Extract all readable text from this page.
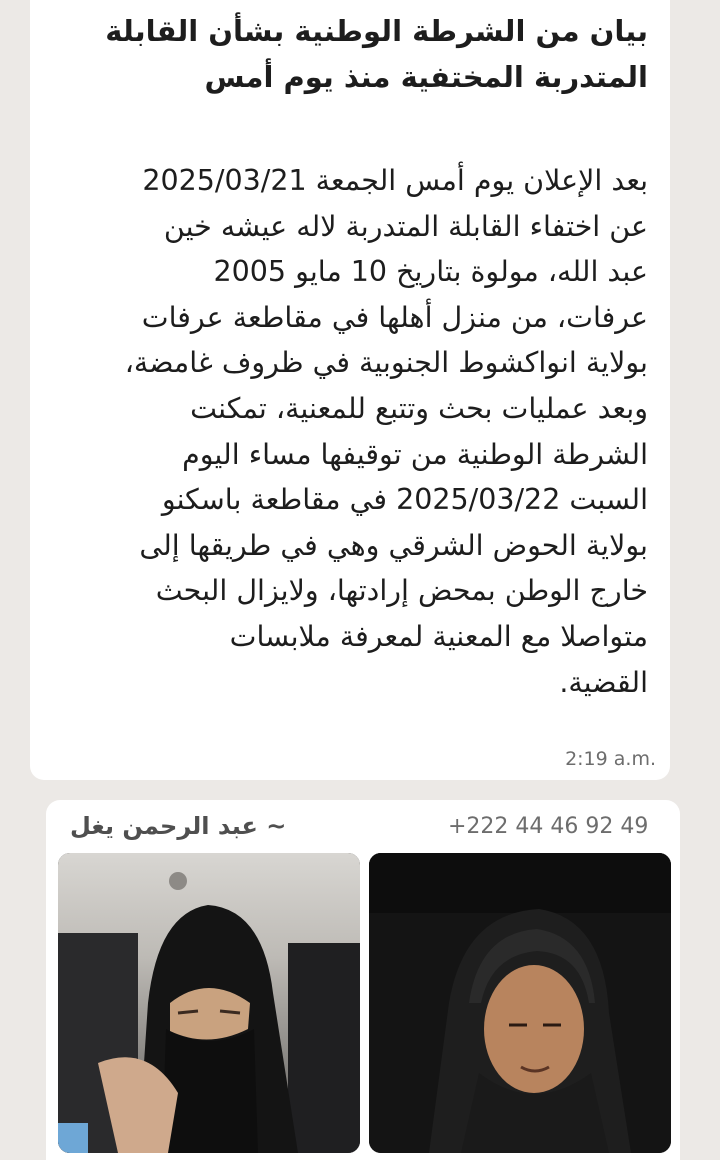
بيان من الشرطة الوطنية بشأن القابلة
المتدربة المختفية منذ يوم أمس

بعد الإعلان يوم أمس الجمعة 2025/03/21
عن اختفاء القابلة المتدربة لاله عيشه خين
عبد الله، مولوة بتاريخ 10 مايو 2005
عرفات، من منزل أهلها في مقاطعة عرفات
بولاية انواكشوط الجنوبية في ظروف غامضة،
وبعد عمليات بحث وتتبع للمعنية، تمكنت
الشرطة الوطنية من توقيفها مساء اليوم
السبت 2025/03/22 في مقاطعة باسكنو
بولاية الحوض الشرقي وهي في طريقها إلى
خارج الوطن بمحض إرادتها، ولايزال البحث
متواصلا مع المعنية لمعرفة ملابسات
القضية.

2:19 a.m.
~ عبد الرحمن يغل	+222 44 46 92 49
